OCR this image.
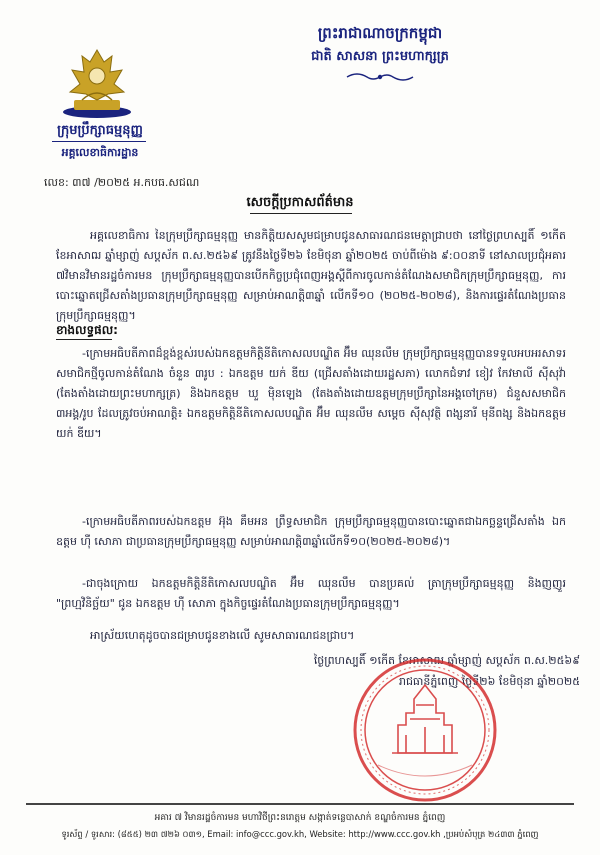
ក្រុមប្រឹក្សាធម្មនុញ្ញ
អគ្គលេខាធិការដ្ឋាន
ព្រះរាជាណាចក្រកម្ពុជា
ជាតិ សាសនា ព្រះមហាក្សត្រ
លេខ: ៣៧ /២០២៥ អ.កបធ.សជណ
សេចក្តីប្រកាសព័ត៌មាន
អគ្គលេខាធិការ នៃក្រុមប្រឹក្សាធម្មនុញ្ញ មានកិត្តិយសសូមជម្រាបជូនសាធារណជនមេត្តាជ្រាបថា នៅថ្ងៃព្រហស្បតិ៍ ១កើត ខែអាសាឍ ឆ្នាំម្សាញ់ សប្តស័ក ព.ស.២៥៦៩ ត្រូវនឹងថ្ងៃទី២៦ ខែមិថុនា ឆ្នាំ២០២៥ ចាប់ពីម៉ោង ៩:០០នាទី នៅសាលប្រជុំអគារ ៧វិមានវិមានរដ្ឋចំការមន ក្រុមប្រឹក្សាធម្មនុញ្ញបានបើកកិច្ចប្រជុំពេញអង្គស្តីពីការចូលកាន់តំណែងសមាជិកក្រុមប្រឹក្សាធម្មនុញ្ញ, ការបោះឆ្នោតជ្រើសតាំងប្រធានក្រុមប្រឹក្សាធម្មនុញ្ញ សម្រាប់អាណត្តិ៣ឆ្នាំ លើកទី១០ (២០២៥-២០២៨), និងការផ្ទេរតំណែងប្រធានក្រុមប្រឹក្សាធម្មនុញ្ញ។
ខាងលទ្ធផល:
-ក្រោមអធិបតីភាពដ៏ខ្ពង់ខ្ពស់របស់ឯកឧត្តមកិត្តិនីតិកោសលបណ្ឌិត អ៊ឹម ឈុនលឹម ក្រុមប្រឹក្សាធម្មនុញ្ញបានទទួលអបអរសាទរសមាជិកថ្មីចូលកាន់តំណែង ចំនួន ៣រូប : ឯកឧត្តម យក់ ឌីយ (ជ្រើសតាំងដោយរដ្ឋសភា) លោកជំទាវ ខៀវ កែវមាលី ស៊ីសុវ៉ា (តែងតាំងដោយព្រះមហាក្សត្រ) និងឯកឧត្តម ឃួ ម៉ិនឡេង (តែងតាំងដោយឧត្តមក្រុមប្រឹក្សានៃអង្គចៅក្រម) ជំនួសសមាជិក ៣អង្គ/រូប ដែលត្រូវចប់អាណត្តិ៖ ឯកឧត្តមកិត្តិនីតិកោសលបណ្ឌិត អ៊ឹម ឈុនលឹម សម្តេច ស៊ីសុវត្ថិ ពង្សនារី មុនីពង្ស និងឯកឧត្តម យក់ ឌីយ។
-ក្រោមអធិបតីភាពរបស់ឯកឧត្តម អ៊ុង គឹមអន ព្រឹទ្ធសមាជិក ក្រុមប្រឹក្សាធម្មនុញ្ញបានបោះឆ្នោតជាឯកច្ឆន្ទជ្រើសតាំង ឯកឧត្តម ហ៊ឺ សោភា ជាប្រធានក្រុមប្រឹក្សាធម្មនុញ្ញ សម្រាប់អាណត្តិ៣ឆ្នាំលើកទី១០(២០២៥-២០២៨)។
-ជាចុងក្រោយ ឯកឧត្តមកិត្តិនីតិកោសលបណ្ឌិត អ៊ឹម ឈុនលឹម បានប្រគល់ ត្រាក្រុមប្រឹក្សាធម្មនុញ្ញ និងញញួរ "ព្រហ្មវិនិច្ឆ័យ" ជូន ឯកឧត្តម ហ៊ឺ សោភា ក្នុងកិច្ចផ្ទេរតំណែងប្រធានក្រុមប្រឹក្សាធម្មនុញ្ញ។
អាស្រ័យហេតុដូចបានជម្រាបជូនខាងលើ សូមសាធារណជនជ្រាប។
ថ្ងៃព្រហស្បតិ៍ ១កើត ខែអាសាឍ ឆ្នាំម្សាញ់ សប្តស័ក ព.ស.២៥៦៩
រាជធានីភ្នំពេញ ថ្ងៃទី២៦ ខែមិថុនា ឆ្នាំ២០២៥
អគារ ៧ វិមានរដ្ឋចំការមន មហាវិថីព្រះនរោត្តម សង្កាត់ទន្លេបាសាក់ ខណ្ឌចំការមន ភ្នំពេញ
ទូរស័ព្ទ / ទូរសារ: (៨៥៥) ២៣ ៧២៦ ០៣១, Email: info@ccc.gov.kh, Website: http://www.ccc.gov.kh ,ប្រអប់សំបុត្រ ២៤៣៣ ភ្នំពេញ
